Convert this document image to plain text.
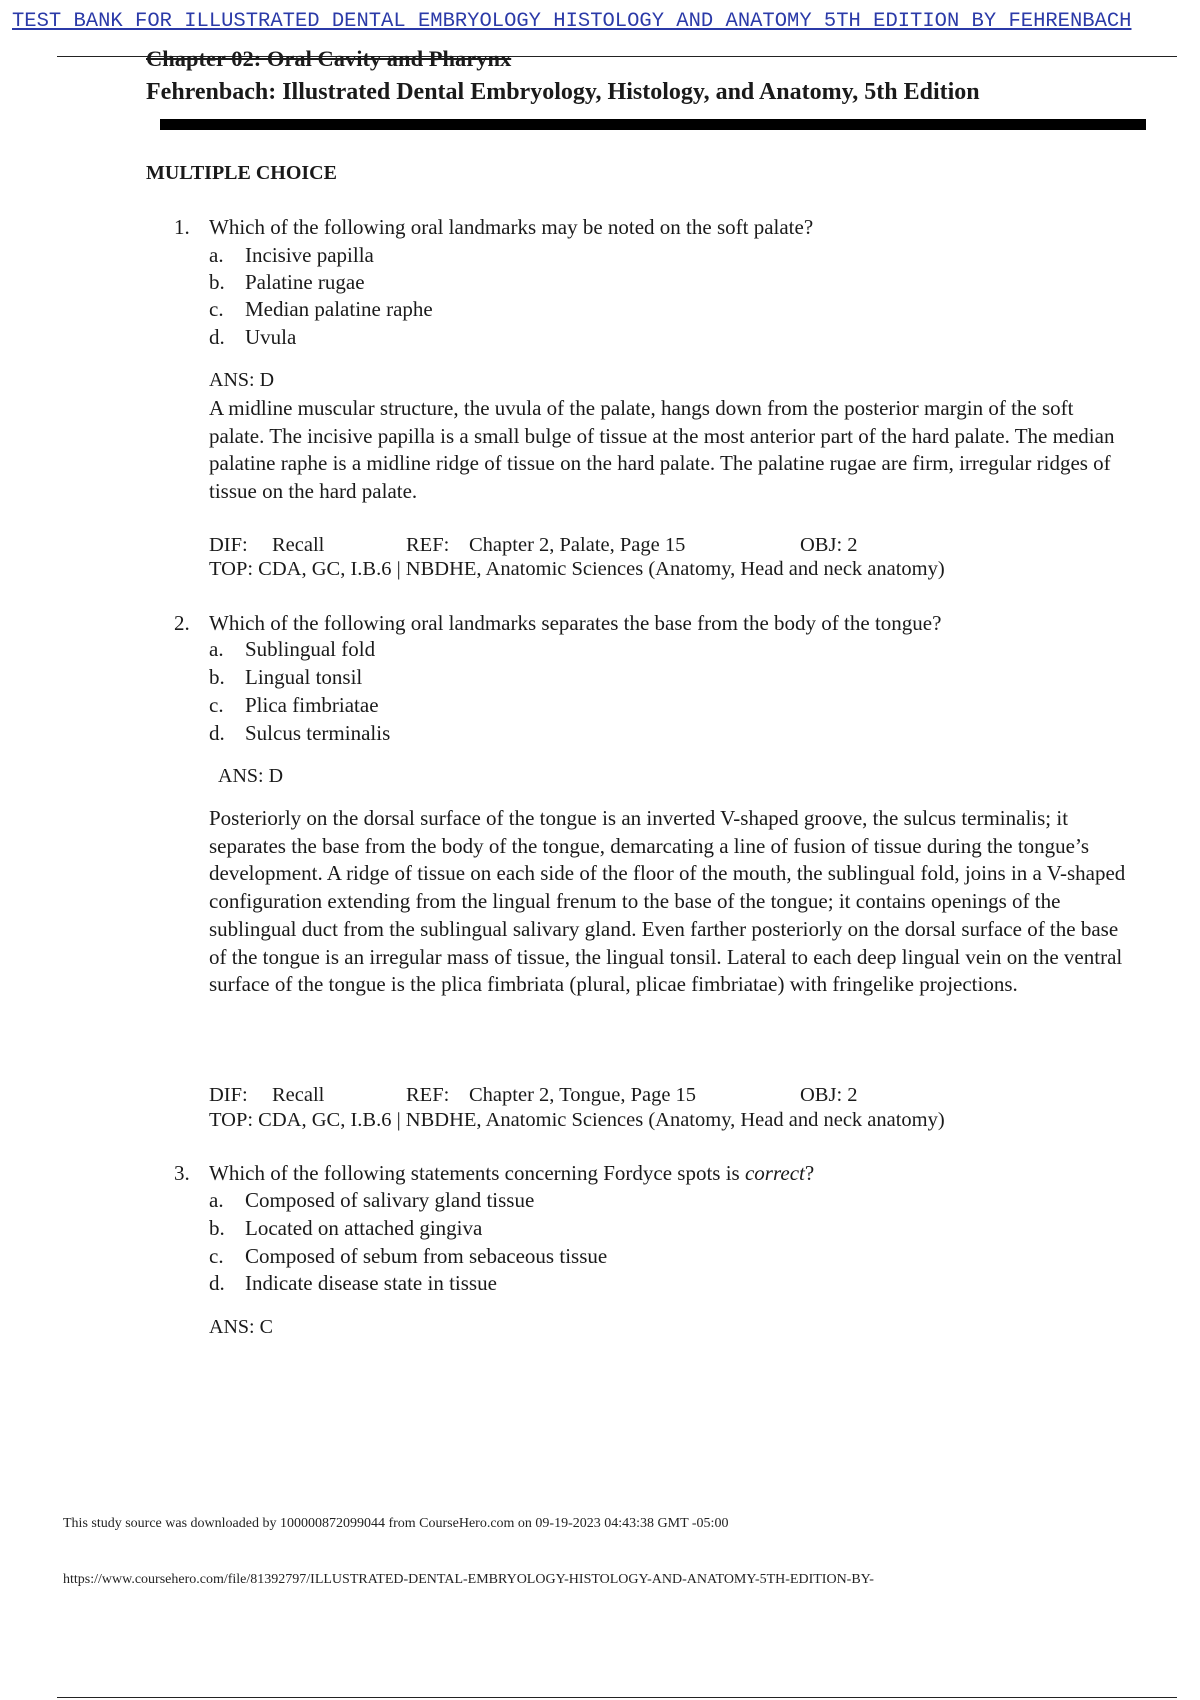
TEST BANK FOR ILLUSTRATED DENTAL EMBRYOLOGY HISTOLOGY AND ANATOMY 5TH EDITION BY FEHRENBACH
Chapter 02: Oral Cavity and Pharynx
Fehrenbach: Illustrated Dental Embryology, Histology, and Anatomy, 5th Edition
MULTIPLE CHOICE
1. Which of the following oral landmarks may be noted on the soft palate?
a. Incisive papilla
b. Palatine rugae
c. Median palatine raphe
d. Uvula
ANS: D
A midline muscular structure, the uvula of the palate, hangs down from the posterior margin of the soft palate. The incisive papilla is a small bulge of tissue at the most anterior part of the hard palate. The median palatine raphe is a midline ridge of tissue on the hard palate. The palatine rugae are firm, irregular ridges of tissue on the hard palate.
DIF: Recall	REF: Chapter 2, Palate, Page 15	OBJ: 2
TOP: CDA, GC, I.B.6 | NBDHE, Anatomic Sciences (Anatomy, Head and neck anatomy)
2. Which of the following oral landmarks separates the base from the body of the tongue?
a. Sublingual fold
b. Lingual tonsil
c. Plica fimbriatae
d. Sulcus terminalis
ANS: D
Posteriorly on the dorsal surface of the tongue is an inverted V-shaped groove, the sulcus terminalis; it separates the base from the body of the tongue, demarcating a line of fusion of tissue during the tongue’s development. A ridge of tissue on each side of the floor of the mouth, the sublingual fold, joins in a V-shaped configuration extending from the lingual frenum to the base of the tongue; it contains openings of the sublingual duct from the sublingual salivary gland. Even farther posteriorly on the dorsal surface of the base of the tongue is an irregular mass of tissue, the lingual tonsil. Lateral to each deep lingual vein on the ventral surface of the tongue is the plica fimbriata (plural, plicae fimbriatae) with fringelike projections.
DIF: Recall	REF: Chapter 2, Tongue, Page 15	OBJ: 2
TOP: CDA, GC, I.B.6 | NBDHE, Anatomic Sciences (Anatomy, Head and neck anatomy)
3. Which of the following statements concerning Fordyce spots is correct?
a. Composed of salivary gland tissue
b. Located on attached gingiva
c. Composed of sebum from sebaceous tissue
d. Indicate disease state in tissue
ANS: C
This study source was downloaded by 100000872099044 from CourseHero.com on 09-19-2023 04:43:38 GMT -05:00
https://www.coursehero.com/file/81392797/ILLUSTRATED-DENTAL-EMBRYOLOGY-HISTOLOGY-AND-ANATOMY-5TH-EDITION-BY-
